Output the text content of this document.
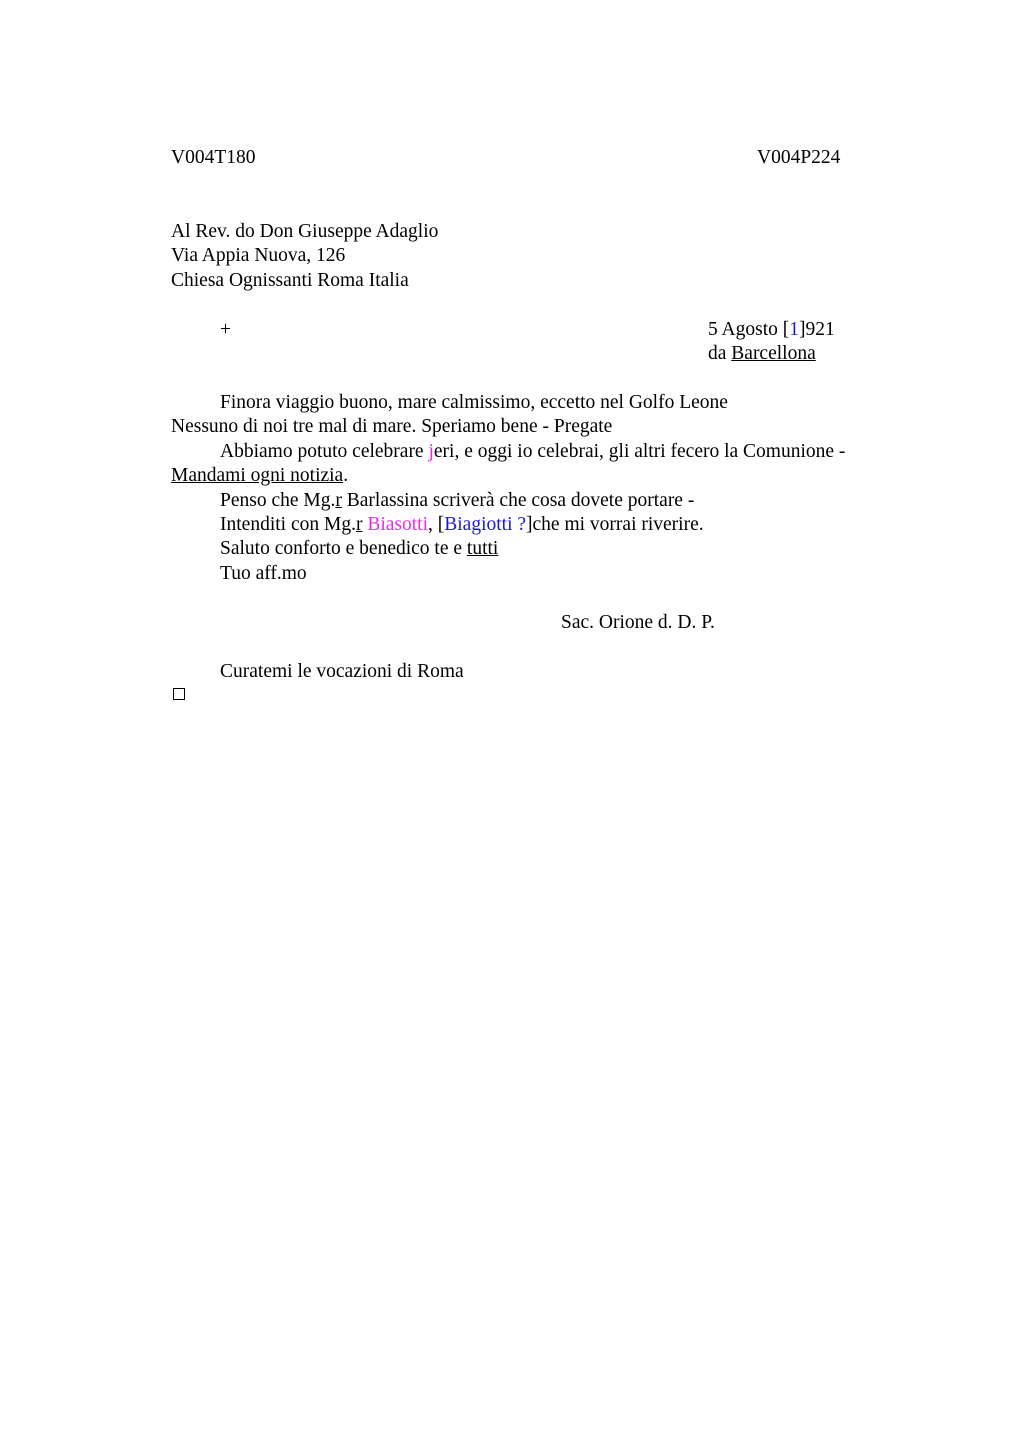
V004T180	V004P224
Al Rev. do Don Giuseppe Adaglio
Via Appia Nuova, 126
Chiesa Ognissanti Roma Italia
+	5 Agosto [1]921
da Barcellona
Finora viaggio buono, mare calmissimo, eccetto nel Golfo Leone
Nessuno di noi tre mal di mare. Speriamo bene - Pregate
Abbiamo potuto celebrare jeri, e oggi io celebrai, gli altri fecero la Comunione -
Mandami ogni notizia.
Penso che Mg.r Barlassina scriverà che cosa dovete portare -
Intenditi con Mg.r Biasotti, [Biagiotti ?]che mi vorrai riverire.
Saluto conforto e benedico te e tutti
Tuo aff.mo
Sac. Orione d. D. P.
Curatemi le vocazioni di Roma
